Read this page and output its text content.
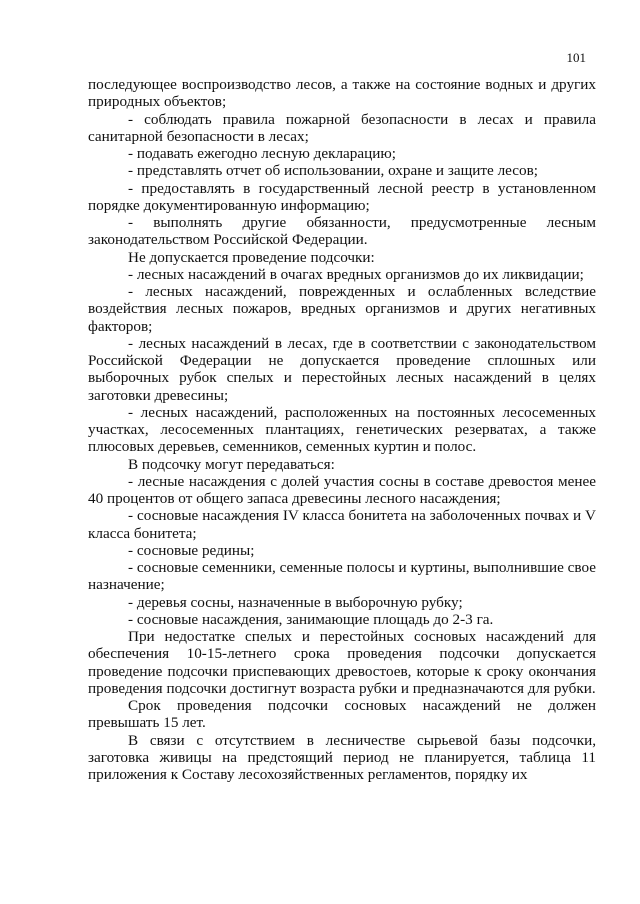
101

последующее воспроизводство лесов, а также на состояние водных и других природных объектов;

- соблюдать правила пожарной безопасности в лесах и правила санитарной безопасности в лесах;

- подавать ежегодно лесную декларацию;

- представлять отчет об использовании, охране и защите лесов;

- предоставлять в государственный лесной реестр в установленном порядке документированную информацию;

- выполнять другие обязанности, предусмотренные лесным законодательством Российской Федерации.

Не допускается проведение подсочки:

- лесных насаждений в очагах вредных организмов до их ликвидации;

- лесных насаждений, поврежденных и ослабленных вследствие воздействия лесных пожаров, вредных организмов и других негативных факторов;

- лесных насаждений в лесах, где в соответствии с законодательством Российской Федерации не допускается проведение сплошных или выборочных рубок спелых и перестойных лесных насаждений в целях заготовки древесины;

- лесных насаждений, расположенных на постоянных лесосеменных участках, лесосеменных плантациях, генетических резерватах, а также плюсовых деревьев, семенников, семенных куртин и полос.

В подсочку могут передаваться:

- лесные насаждения с долей участия сосны в составе древостоя менее 40 процентов от общего запаса древесины лесного насаждения;

- сосновые насаждения IV класса бонитета на заболоченных почвах и V класса бонитета;

- сосновые редины;

- сосновые семенники, семенные полосы и куртины, выполнившие свое назначение;

- деревья сосны, назначенные в выборочную рубку;

- сосновые насаждения, занимающие площадь до 2-3 га.

При недостатке спелых и перестойных сосновых насаждений для обеспечения 10-15-летнего срока проведения подсочки допускается проведение подсочки приспевающих древостоев, которые к сроку окончания проведения подсочки достигнут возраста рубки и предназначаются для рубки.

Срок проведения подсочки сосновых насаждений не должен превышать 15 лет.

В связи с отсутствием в лесничестве сырьевой базы подсочки, заготовка живицы на предстоящий период не планируется, таблица 11 приложения к Составу лесохозяйственных регламентов, порядку их
